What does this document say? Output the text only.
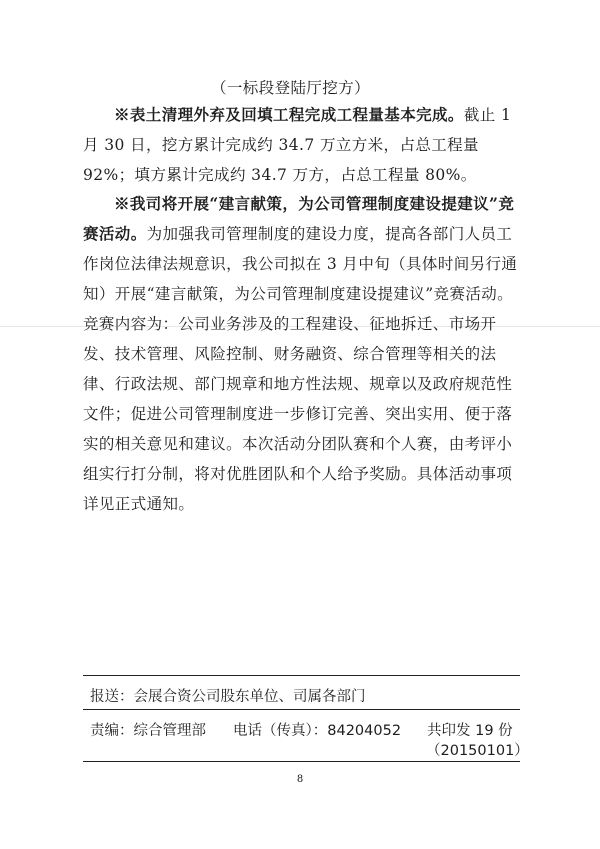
（一标段登陆厅挖方）

※表土清理外弃及回填工程完成工程量基本完成。截止 1 月 30 日，挖方累计完成约 34.7 万立方米，占总工程量 92%；填方累计完成约 34.7 万方，占总工程量 80%。

※我司将开展“建言献策，为公司管理制度建设提建议”竞赛活动。为加强我司管理制度的建设力度，提高各部门人员工作岗位法律法规意识，我公司拟在 3 月中旬（具体时间另行通知）开展“建言献策，为公司管理制度建设提建议”竞赛活动。竞赛内容为：公司业务涉及的工程建设、征地拆迁、市场开发、技术管理、风险控制、财务融资、综合管理等相关的法律、行政法规、部门规章和地方性法规、规章以及政府规范性文件；促进公司管理制度进一步修订完善、突出实用、便于落实的相关意见和建议。本次活动分团队赛和个人赛，由考评小组实行打分制，将对优胜团队和个人给予奖励。具体活动事项详见正式通知。

报送：会展合资公司股东单位、司属各部门
责编：综合管理部 电话（传真）：84204052 共印发 19 份
（20150101）
8
